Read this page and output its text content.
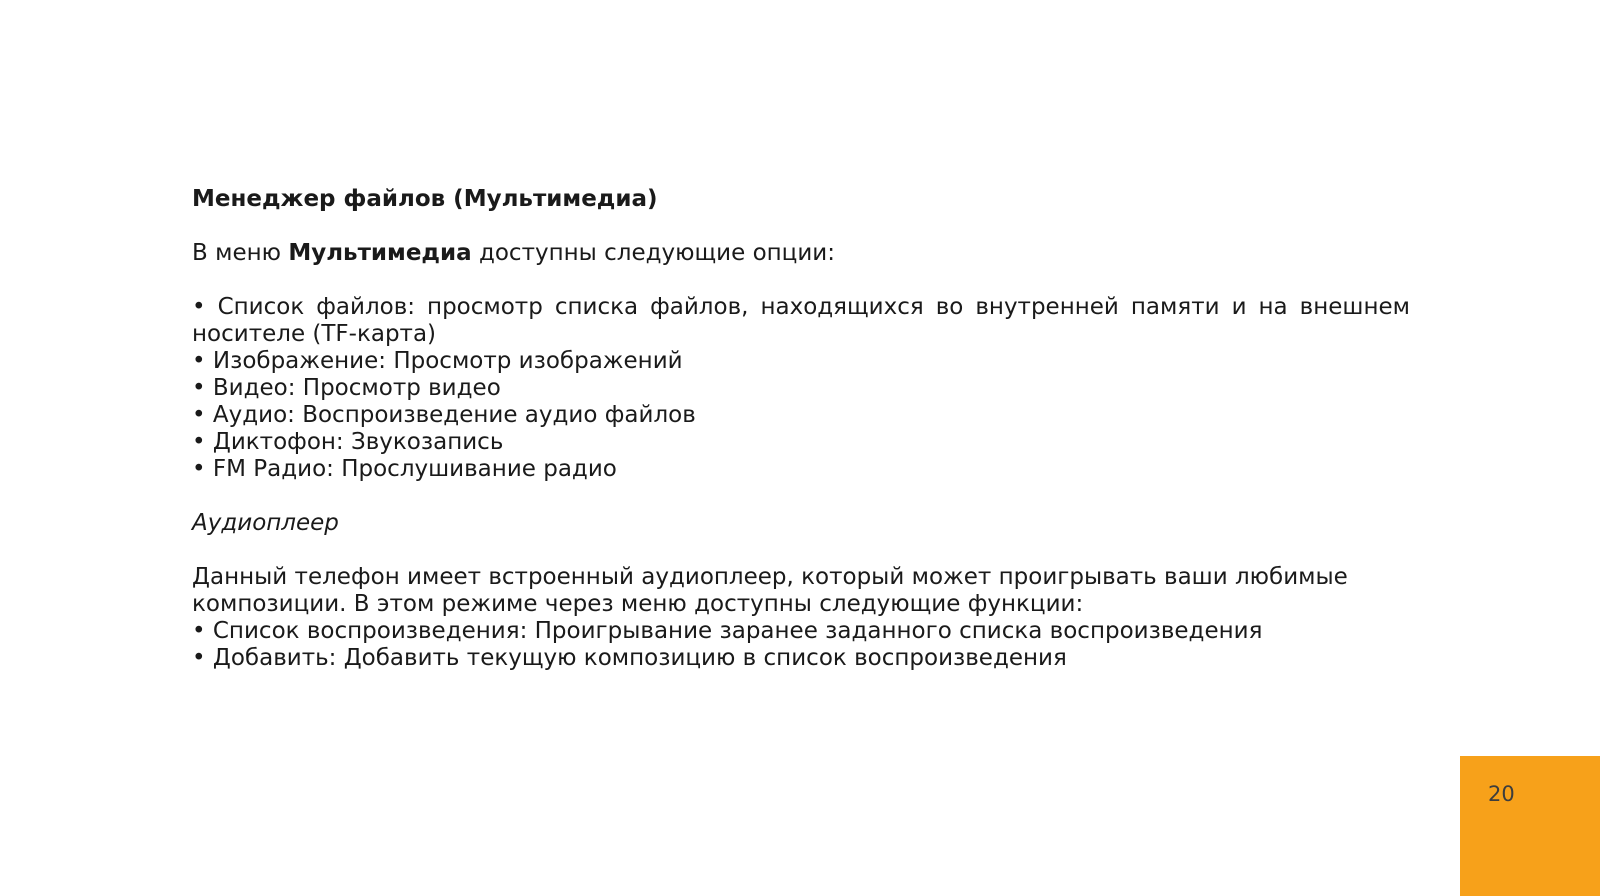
Менеджер файлов (Мультимедиа)

В меню Мультимедиа доступны следующие опции:

• Список файлов: просмотр списка файлов, находящихся во внутренней памяти и на внешнем носителе (TF-карта)

• Изображение: Просмотр изображений

• Видео: Просмотр видео

• Аудио: Воспроизведение аудио файлов

• Диктофон: Звукозапись

• FM Радио: Прослушивание радио

Аудиоплеер

Данный телефон имеет встроенный аудиоплеер, который может проигрывать ваши любимые композиции. В этом режиме через меню доступны следующие функции:

• Список воспроизведения: Проигрывание заранее заданного списка воспроизведения

• Добавить: Добавить текущую композицию в список воспроизведения

20
